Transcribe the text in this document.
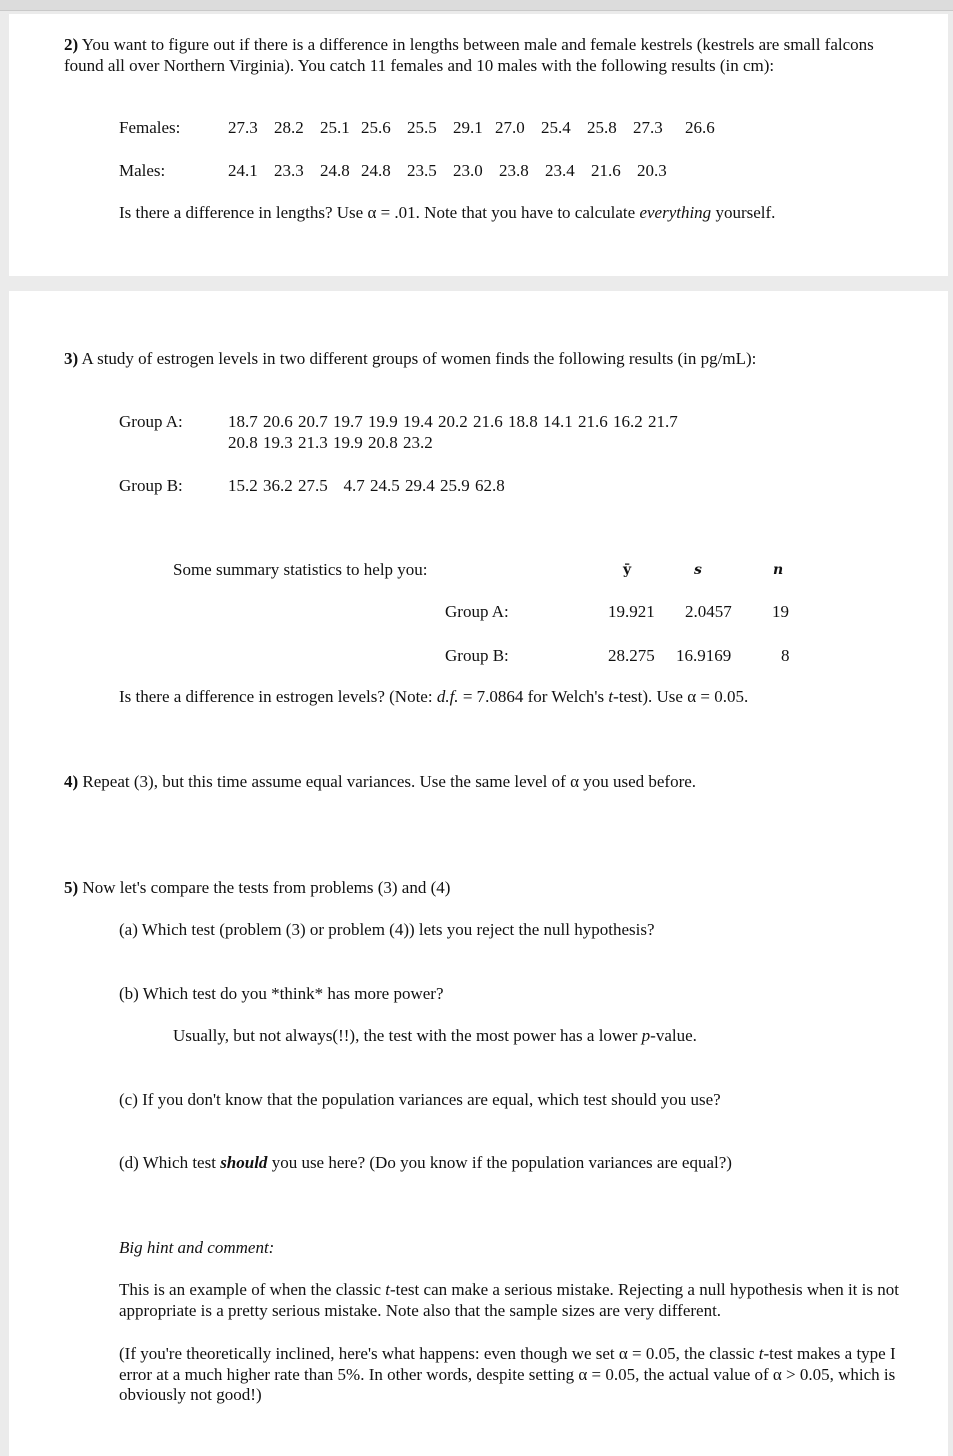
2) You want to figure out if there is a difference in lengths between male and female kestrels (kestrels are small falcons found all over Northern Virginia). You catch 11 females and 10 males with the following results (in cm):
Females:	27.3 28.2 25.1 25.6 25.5 29.1 27.0 25.4 25.8 27.3 26.6
Males:	24.1 23.3 24.8 24.8 23.5 23.0 23.8 23.4 21.6 20.3
Is there a difference in lengths? Use α = .01. Note that you have to calculate everything yourself.
3) A study of estrogen levels in two different groups of women finds the following results (in pg/mL):
Group A:	18.7 20.6 20.7 19.7 19.9 19.4 20.2 21.6 18.8 14.1 21.6 16.2 21.7
20.8 19.3 21.3 19.9 20.8 23.2
Group B:	15.2 36.2 27.5   4.7 24.5 29.4 25.9 62.8
Some summary statistics to help you:	ȳ	s	n
Group A:	19.921 2.0457 19
Group B:	28.275 16.9169	8
Is there a difference in estrogen levels? (Note: d.f. = 7.0864 for Welch's t-test). Use α = 0.05.
4) Repeat (3), but this time assume equal variances. Use the same level of α you used before.
5) Now let's compare the tests from problems (3) and (4)
(a) Which test (problem (3) or problem (4)) lets you reject the null hypothesis?
(b) Which test do you *think* has more power?
Usually, but not always(!!), the test with the most power has a lower p-value.
(c) If you don't know that the population variances are equal, which test should you use?
(d) Which test should you use here? (Do you know if the population variances are equal?)
Big hint and comment:
This is an example of when the classic t-test can make a serious mistake. Rejecting a null hypothesis when it is not appropriate is a pretty serious mistake. Note also that the sample sizes are very different.
(If you're theoretically inclined, here's what happens: even though we set α = 0.05, the classic t-test makes a type I error at a much higher rate than 5%. In other words, despite setting α = 0.05, the actual value of α > 0.05, which is obviously not good!)
